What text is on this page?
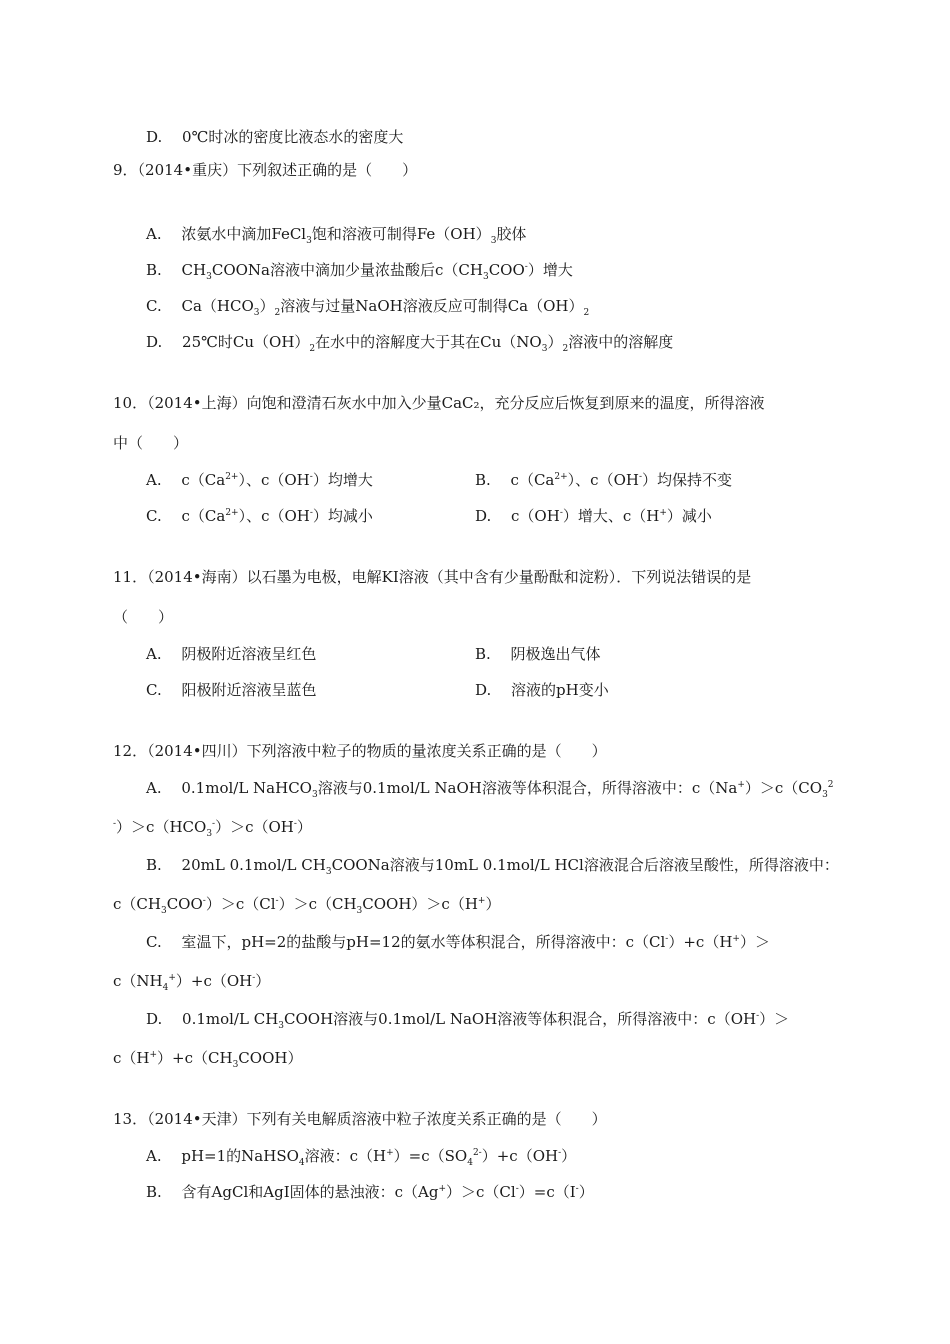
D.　 0℃时冰的密度比液态水的密度大
9．（2014•重庆）下列叙述正确的是（　　）
A.　 浓氨水中滴加FeCl$_3$饱和溶液可制得$Fe(OH)_3$胶体
B.　 $CH_3COONa$溶液中滴加少量浓盐酸后$c(CH_3COO^-)$增大
C.　 $Ca(HCO_3)_2$溶液与过量NaOH溶液反应可制得$Ca(OH)_2$
D.　 25℃时$Cu(OH)_2$在水中的溶解度大于其在$Cu(NO_3)_2$溶液中的溶解度
10．（2014•上海）向饱和澄清石灰水中加入少量CaC₂，充分反应后恢复到原来的温度，所得溶液
中（　　）
A.　 $c(Ca^{2+})$、c（OH-）均增大	B.　 $c(Ca^{2+})$、c（OH-）均保持不变
C.　 $c(Ca^{2+})$、c（OH-）均减小	D.　 c（OH-）增大、c（H+）减小
11．（2014•海南）以石墨为电极，电解KI溶液（其中含有少量酚酞和淀粉）．下列说法错误的是
（　　）
A.　 阴极附近溶液呈红色	B.　 阴极逸出气体
C.　 阳极附近溶液呈蓝色	D.　 溶液的pH变小
12．（2014•四川）下列溶液中粒子的物质的量浓度关系正确的是（　　）
A.　 0.1mol/L NaHCO$_3$溶液与0.1mol/L NaOH溶液等体积混合，所得溶液中：$c(Na^+)>c(CO_3^2$
$^-)>c(HCO_3^-)>c(OH^-)$
B.　 20mL 0.1mol/L $CH_3COONa$溶液与10mL 0.1mol/L HCl溶液混合后溶液呈酸性，所得溶液中：
$c(CH_3COO^-)>c(Cl^-)>c(CH_3COOH)>c(H^+)$
C.　 室温下，pH=2的盐酸与pH=12的氨水等体积混合，所得溶液中：c（Cl-）+c（H+）＞
$c(NH_4^+)+c(OH^-)$
D.　 0.1mol/L $CH_3COOH$溶液与0.1mol/L NaOH溶液等体积混合，所得溶液中：c（OH-）＞
$c(H^+)+c(CH_3COOH)$
13．（2014•天津）下列有关电解质溶液中粒子浓度关系正确的是（　　）
A.　 pH=1的NaHSO$_4$溶液：$c(H^+)=c(SO_4^{2-})+c(OH^-)$
B.　 含有AgCl和AgI固体的悬浊液：c（Ag+）＞c（Cl-）=c（I-）
